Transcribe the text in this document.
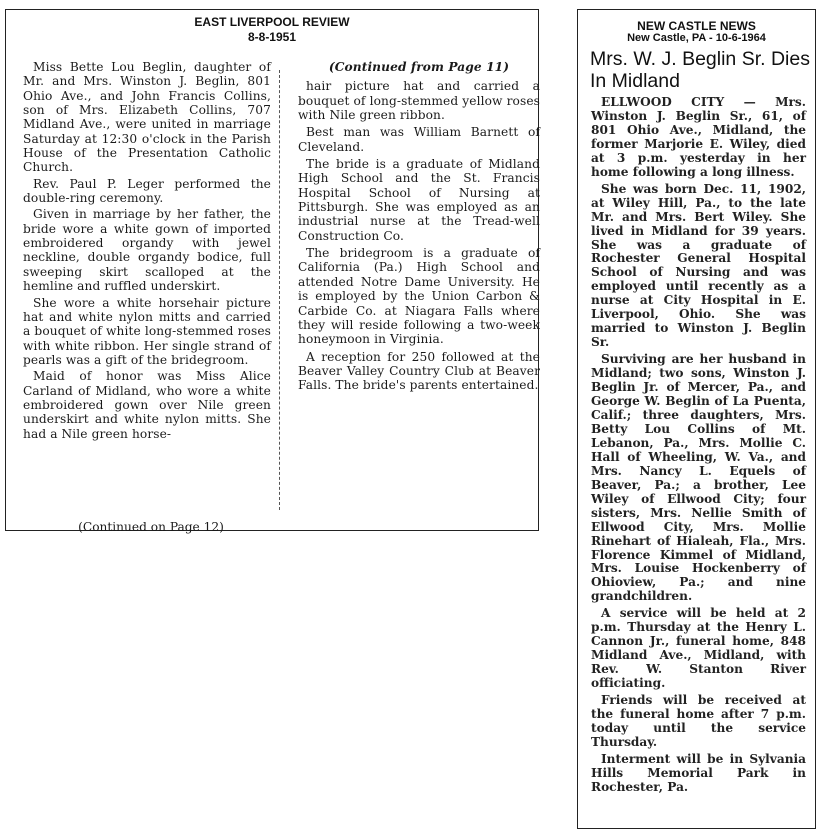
EAST LIVERPOOL REVIEW
8-8-1951

Miss Bette Lou Beglin, daughter of Mr. and Mrs. Winston J. Beglin, 801 Ohio Ave., and John Francis Collins, son of Mrs. Elizabeth Collins, 707 Midland Ave., were united in marriage Saturday at 12:30 o'clock in the Parish House of the Presentation Catholic Church.

Rev. Paul P. Leger performed the double-ring ceremony.

Given in marriage by her father, the bride wore a white gown of imported embroidered organdy with jewel neckline, double organdy bodice, full sweeping skirt scalloped at the hemline and ruffled underskirt.

She wore a white horsehair picture hat and white nylon mitts and carried a bouquet of white long-stemmed roses with white ribbon. Her single strand of pearls was a gift of the bridegroom.

Maid of honor was Miss Alice Carland of Midland, who wore a white embroidered gown over Nile green underskirt and white nylon mitts. She had a Nile green horse-

(Continued from Page 11)

hair picture hat and carried a bouquet of long-stemmed yellow roses with Nile green ribbon.

Best man was William Barnett of Cleveland.

The bride is a graduate of Midland High School and the St. Francis Hospital School of Nursing at Pittsburgh. She was employed as an industrial nurse at the Tread-well Construction Co.

The bridegroom is a graduate of California (Pa.) High School and attended Notre Dame University. He is employed by the Union Carbon & Carbide Co. at Niagara Falls where they will reside following a two-week honeymoon in Virginia.

A reception for 250 followed at the Beaver Valley Country Club at Beaver Falls. The bride's parents entertained.

(Continued on Page 12)
NEW CASTLE NEWS
New Castle, PA - 10-6-1964
Mrs. W. J. Beglin Sr. Dies In Midland

ELLWOOD CITY — Mrs. Winston J. Beglin Sr., 61, of 801 Ohio Ave., Midland, the former Marjorie E. Wiley, died at 3 p.m. yesterday in her home following a long illness.

She was born Dec. 11, 1902, at Wiley Hill, Pa., to the late Mr. and Mrs. Bert Wiley. She lived in Midland for 39 years. She was a graduate of Rochester General Hospital School of Nursing and was employed until recently as a nurse at City Hospital in E. Liverpool, Ohio. She was married to Winston J. Beglin Sr.

Surviving are her husband in Midland; two sons, Winston J. Beglin Jr. of Mercer, Pa., and George W. Beglin of La Puenta, Calif.; three daughters, Mrs. Betty Lou Collins of Mt. Lebanon, Pa., Mrs. Mollie C. Hall of Wheeling, W. Va., and Mrs. Nancy L. Equels of Beaver, Pa.; a brother, Lee Wiley of Ellwood City; four sisters, Mrs. Nellie Smith of Ellwood City, Mrs. Mollie Rinehart of Hialeah, Fla., Mrs. Florence Kimmel of Midland, Mrs. Louise Hockenberry of Ohioview, Pa.; and nine grandchildren.

A service will be held at 2 p.m. Thursday at the Henry L. Cannon Jr., funeral home, 848 Midland Ave., Midland, with Rev. W. Stanton River officiating.

Friends will be received at the funeral home after 7 p.m. today until the service Thursday.

Interment will be in Sylvania Hills Memorial Park in Rochester, Pa.
